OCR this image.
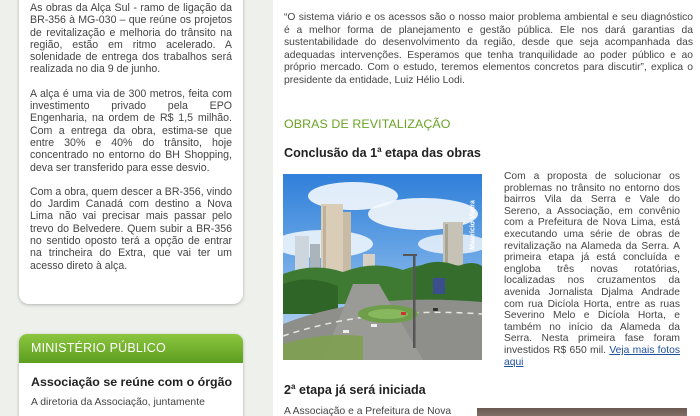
As obras da Alça Sul - ramo de ligação da BR-356 à MG-030 – que reúne os projetos de revitalização e melhoria do trânsito na região, estão em ritmo acelerado. A solenidade de entrega dos trabalhos será realizada no dia 9 de junho.

A alça é uma via de 300 metros, feita com investimento privado pela EPO Engenharia, na ordem de R$ 1,5 milhão. Com a entrega da obra, estima-se que entre 30% e 40% do trânsito, hoje concentrado no entorno do BH Shopping, deva ser transferido para esse desvio.

Com a obra, quem descer a BR-356, vindo do Jardim Canadá com destino a Nova Lima não vai precisar mais passar pelo trevo do Belvedere. Quem subir a BR-356 no sentido oposto terá a opção de entrar na trincheira do Extra, que vai ter um acesso direto à alça.

MINISTÉRIO PÚBLICO
Associação se reúne com o órgão
A diretoria da Associação, juntamente
“O sistema viário e os acessos são o nosso maior problema ambiental e seu diagnóstico é a melhor forma de planejamento e gestão pública. Ele nos dará garantias da sustentabilidade do desenvolvimento da região, desde que seja acompanhada das adequadas intervenções. Esperamos que tenha tranquilidade ao poder público e ao próprio mercado. Com o estudo, teremos elementos concretos para discutir”, explica o presidente da entidade, Luiz Hélio Lodi.
OBRAS DE REVITALIZAÇÃO
Conclusão da 1$^a$ etapa das obras
Maurício Vieira
Com a proposta de solucionar os problemas no trânsito no entorno dos bairros Vila da Serra e Vale do Sereno, a Associação, em convênio com a Prefeitura de Nova Lima, está executando uma série de obras de revitalização na Alameda da Serra. A primeira etapa já está concluída e engloba três novas rotatórias, localizadas nos cruzamentos da avenida Jornalista Djalma Andrade com rua Dicíola Horta, entre as ruas Severino Melo e Dicíola Horta, e também no início da Alameda da Serra. Nesta primeira fase foram investidos R$ 650 mil. Veja mais fotos aqui
2$^a$ etapa já será iniciada
A Associação e a Prefeitura de Nova
